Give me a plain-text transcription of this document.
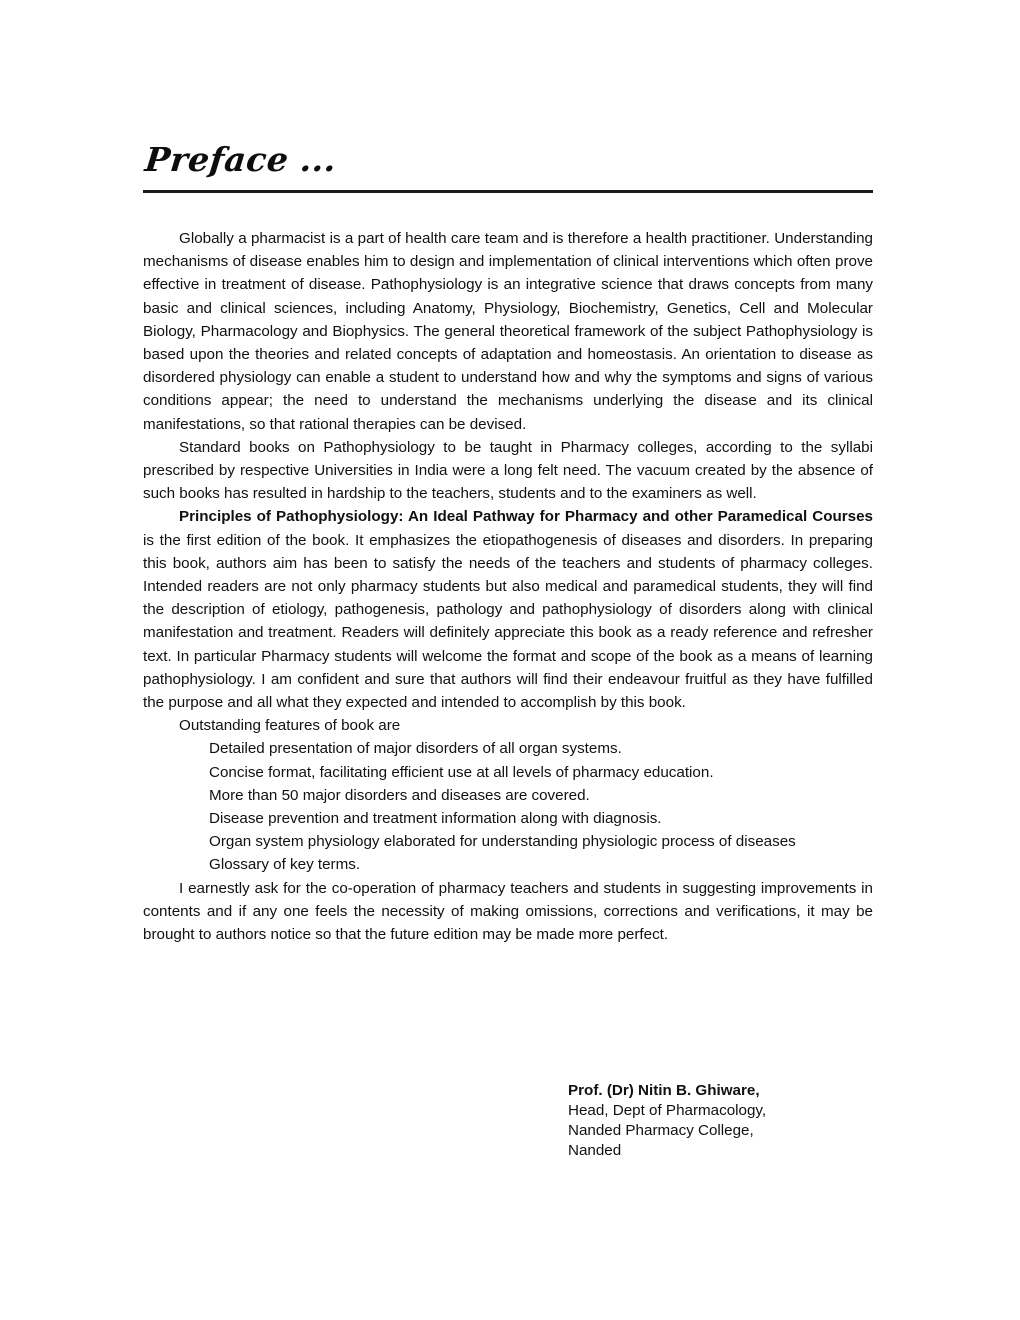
Preface ...

Globally a pharmacist is a part of health care team and is therefore a health practitioner. Understanding mechanisms of disease enables him to design and implementation of clinical interventions which often prove effective in treatment of disease. Pathophysiology is an integrative science that draws concepts from many basic and clinical sciences, including Anatomy, Physiology, Biochemistry, Genetics, Cell and Molecular Biology, Pharmacology and Biophysics. The general theoretical framework of the subject Pathophysiology is based upon the theories and related concepts of adaptation and homeostasis. An orientation to disease as disordered physiology can enable a student to understand how and why the symptoms and signs of various conditions appear; the need to understand the mechanisms underlying the disease and its clinical manifestations, so that rational therapies can be devised.

Standard books on Pathophysiology to be taught in Pharmacy colleges, according to the syllabi prescribed by respective Universities in India were a long felt need. The vacuum created by the absence of such books has resulted in hardship to the teachers, students and to the examiners as well.

Principles of Pathophysiology: An Ideal Pathway for Pharmacy and other Paramedical Courses is the first edition of the book. It emphasizes the etiopathogenesis of diseases and disorders. In preparing this book, authors aim has been to satisfy the needs of the teachers and students of pharmacy colleges. Intended readers are not only pharmacy students but also medical and paramedical students, they will find the description of etiology, pathogenesis, pathology and pathophysiology of disorders along with clinical manifestation and treatment. Readers will definitely appreciate this book as a ready reference and refresher text. In particular Pharmacy students will welcome the format and scope of the book as a means of learning pathophysiology. I am confident and sure that authors will find their endeavour fruitful as they have fulfilled the purpose and all what they expected and intended to accomplish by this book.

Outstanding features of book are

Detailed presentation of major disorders of all organ systems.
Concise format, facilitating efficient use at all levels of pharmacy education.
More than 50 major disorders and diseases are covered.
Disease prevention and treatment information along with diagnosis.
Organ system physiology elaborated for understanding physiologic process of diseases
Glossary of key terms.

I earnestly ask for the co-operation of pharmacy teachers and students in suggesting improvements in contents and if any one feels the necessity of making omissions, corrections and verifications, it may be brought to authors notice so that the future edition may be made more perfect.

Prof. (Dr) Nitin B. Ghiware,
Head, Dept of Pharmacology,
Nanded Pharmacy College,
Nanded
